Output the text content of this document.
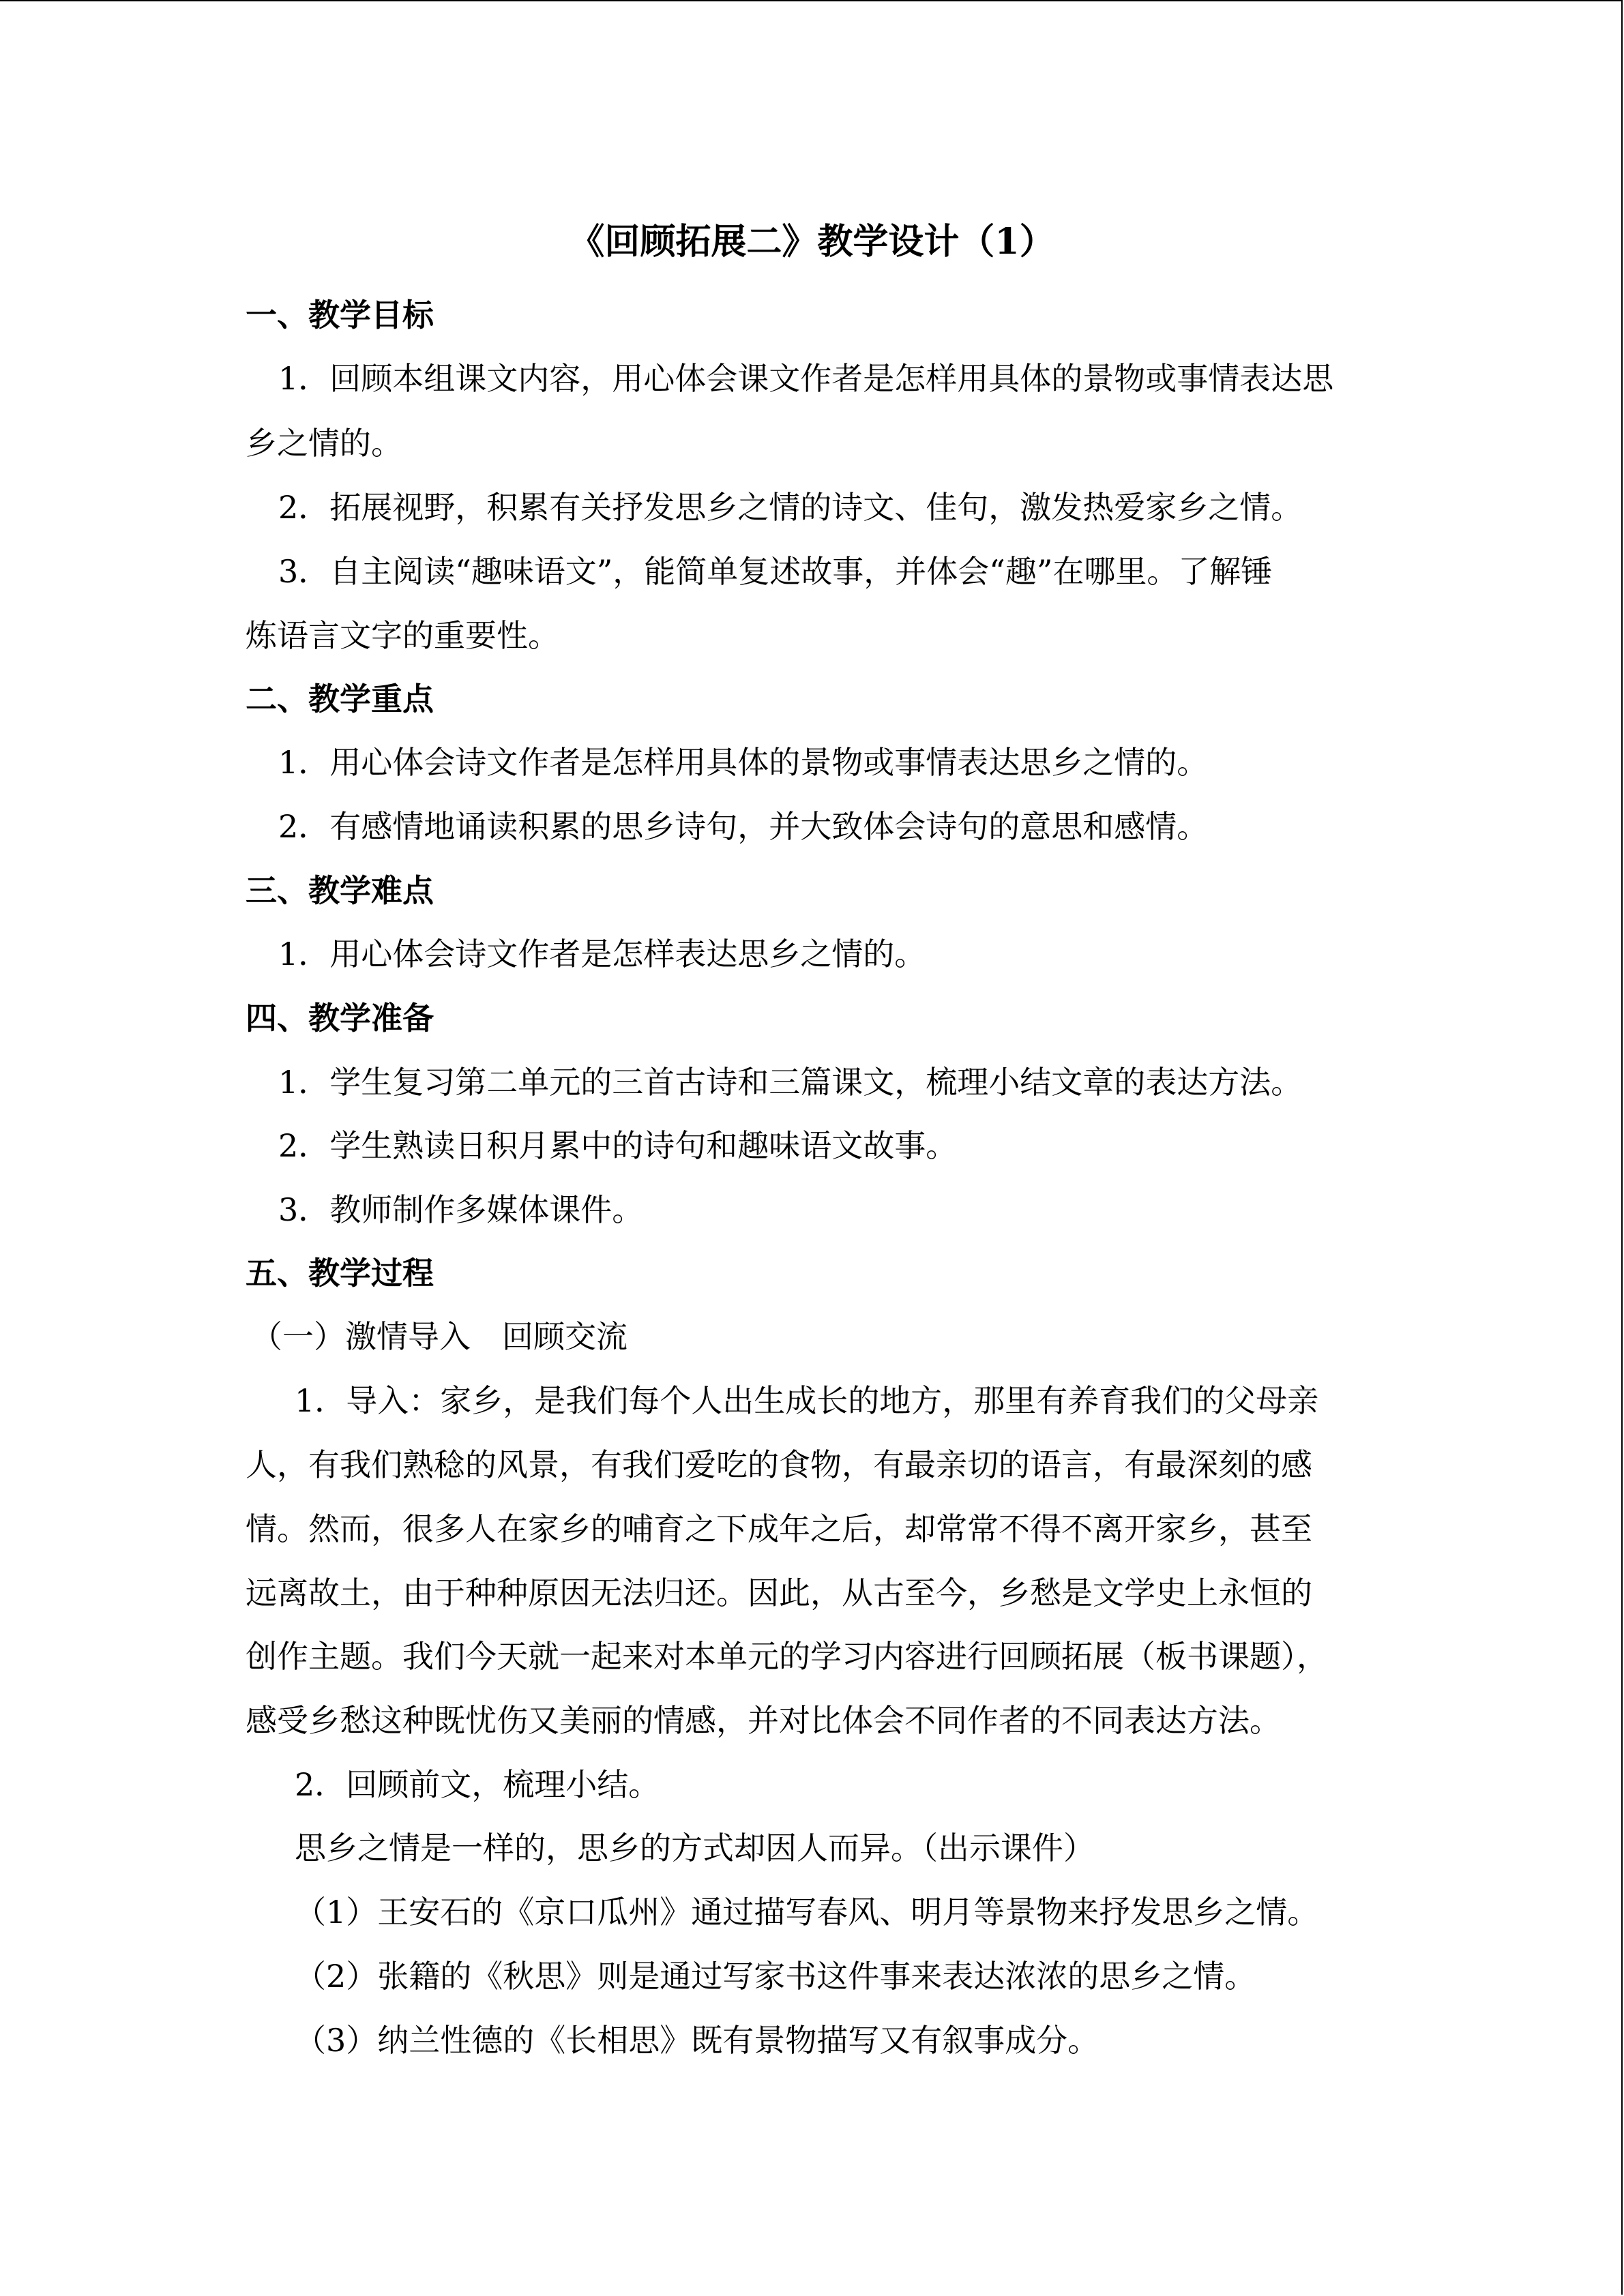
《回顾拓展二》教学设计（1）
一、教学目标
1．回顾本组课文内容，用心体会课文作者是怎样用具体的景物或事情表达思
乡之情的。
2．拓展视野，积累有关抒发思乡之情的诗文、佳句，激发热爱家乡之情。
3．自主阅读“趣味语文”，能简单复述故事，并体会“趣”在哪里。了解锤
炼语言文字的重要性。
二、教学重点
1．用心体会诗文作者是怎样用具体的景物或事情表达思乡之情的。
2．有感情地诵读积累的思乡诗句，并大致体会诗句的意思和感情。
三、教学难点
1．用心体会诗文作者是怎样表达思乡之情的。
四、教学准备
1．学生复习第二单元的三首古诗和三篇课文，梳理小结文章的表达方法。
2．学生熟读日积月累中的诗句和趣味语文故事。
3．教师制作多媒体课件。
五、教学过程
（一）激情导入　回顾交流
1．导入：家乡，是我们每个人出生成长的地方，那里有养育我们的父母亲
人，有我们熟稔的风景，有我们爱吃的食物，有最亲切的语言，有最深刻的感
情。然而，很多人在家乡的哺育之下成年之后，却常常不得不离开家乡，甚至
远离故土，由于种种原因无法归还。因此，从古至今，乡愁是文学史上永恒的
创作主题。我们今天就一起来对本单元的学习内容进行回顾拓展（板书课题），
感受乡愁这种既忧伤又美丽的情感，并对比体会不同作者的不同表达方法。
2．回顾前文，梳理小结。
思乡之情是一样的，思乡的方式却因人而异。（出示课件）
（1）王安石的《京口瓜州》通过描写春风、明月等景物来抒发思乡之情。
（2）张籍的《秋思》则是通过写家书这件事来表达浓浓的思乡之情。
（3）纳兰性德的《长相思》既有景物描写又有叙事成分。
